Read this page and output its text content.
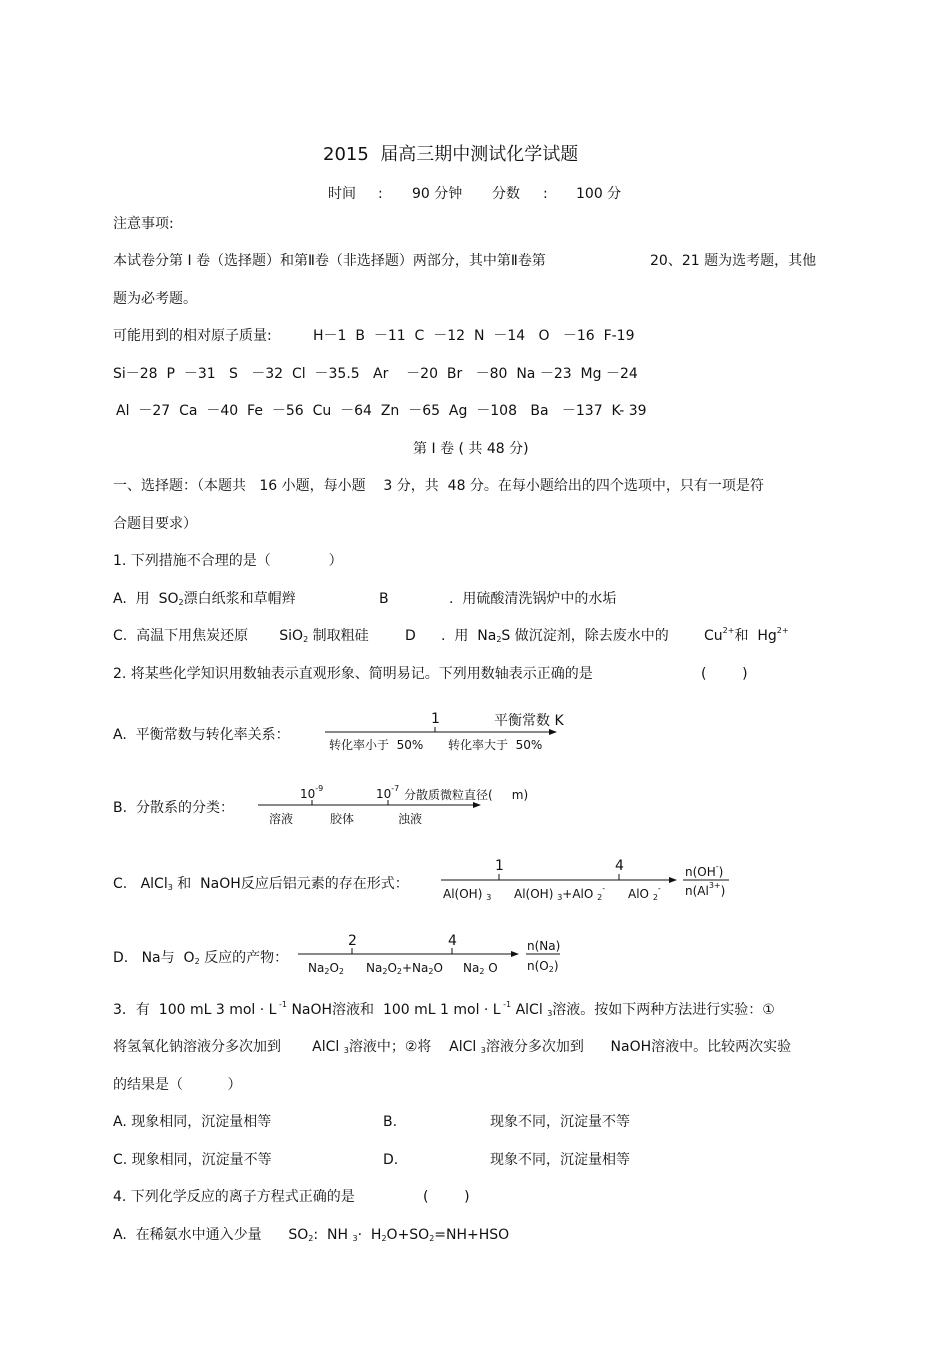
2015  届高三期中测试化学试题
时间 : 90 分钟 分数 : 100 分
注意事项:
本试卷分第 I 卷（选择题）和第Ⅱ卷（非选择题）两部分，其中第Ⅱ卷第	20、21 题为选考题，其他
题为必考题。
可能用到的相对原子质量:	H－1  B  －11  C  －12  N  －14   O   －16  F-19
Si－28  P  －31   S   －32  Cl  －35.5   Ar    －20  Br   －80  Na －23  Mg －24
Al  －27  Ca  －40  Fe  －56  Cu  －64  Zn  －65  Ag  －108   Ba   －137  K- 39
第 I 卷 ( 共 48 分)
一、选择题：（本题共   16 小题，每小题    3 分，共  48 分。在每小题给出的四个选项中，只有一项是符
合题目要求）
1. 下列措施不合理的是（             ）
A.  用  $SO_2$漂白纸浆和草帽辫	B	.  用硫酸清洗锅炉中的水垢
C.  高温下用焦炭还原       SiO$_2$ 制取粗硅	D .  用  $Na_2S$ 做沉淀剂，除去废水中的	$Cu^{2+}$和  $Hg^{2+}$
2. 将某些化学知识用数轴表示直观形象、简明易记。下列用数轴表示正确的是	(        )
A.  平衡常数与转化率关系：
1	平衡常数 K
转化率小于  50% 转化率大于  50%
B.  分散系的分类：
$10^{-9}$	$10^{-7}$ 分散质微粒直径(     m)
溶液	胶体	浊液
C.   AlCl$_3$ 和  NaOH反应后铝元素的存在形式：
1	4	n(OH-)
$n(Al^{3+})$
Al(OH) $_3$ Al(OH) $_3$+AlO $_2$- AlO $_2$-
D.   Na与  $O_2$ 反应的产物：
2	4	n(Na)
$n(O_2)$
$Na_2O_2$ $Na_2O_2+Na_2O$ $Na_2$ O
3．有  100 mL 3 mol · L $^{-1}$ NaOH溶液和  100 mL 1 mol · L $^{-1}$ AlCl $_3$溶液。按如下两种方法进行实验：①
将氢氧化钠溶液分多次加到       AlCl $_3$溶液中；②将    AlCl $_3$溶液分多次加到      NaOH溶液中。比较两次实验
的结果是（          ）
A. 现象相同，沉淀量相等	B.	现象不同，沉淀量不等
C. 现象相同，沉淀量不等	D.	现象不同，沉淀量相等
4. 下列化学反应的离子方程式正确的是	(        )
A.  在稀氨水中通入少量      $SO_2$:  NH $_3\cdot H_2O+SO_2=NH+HSO$
